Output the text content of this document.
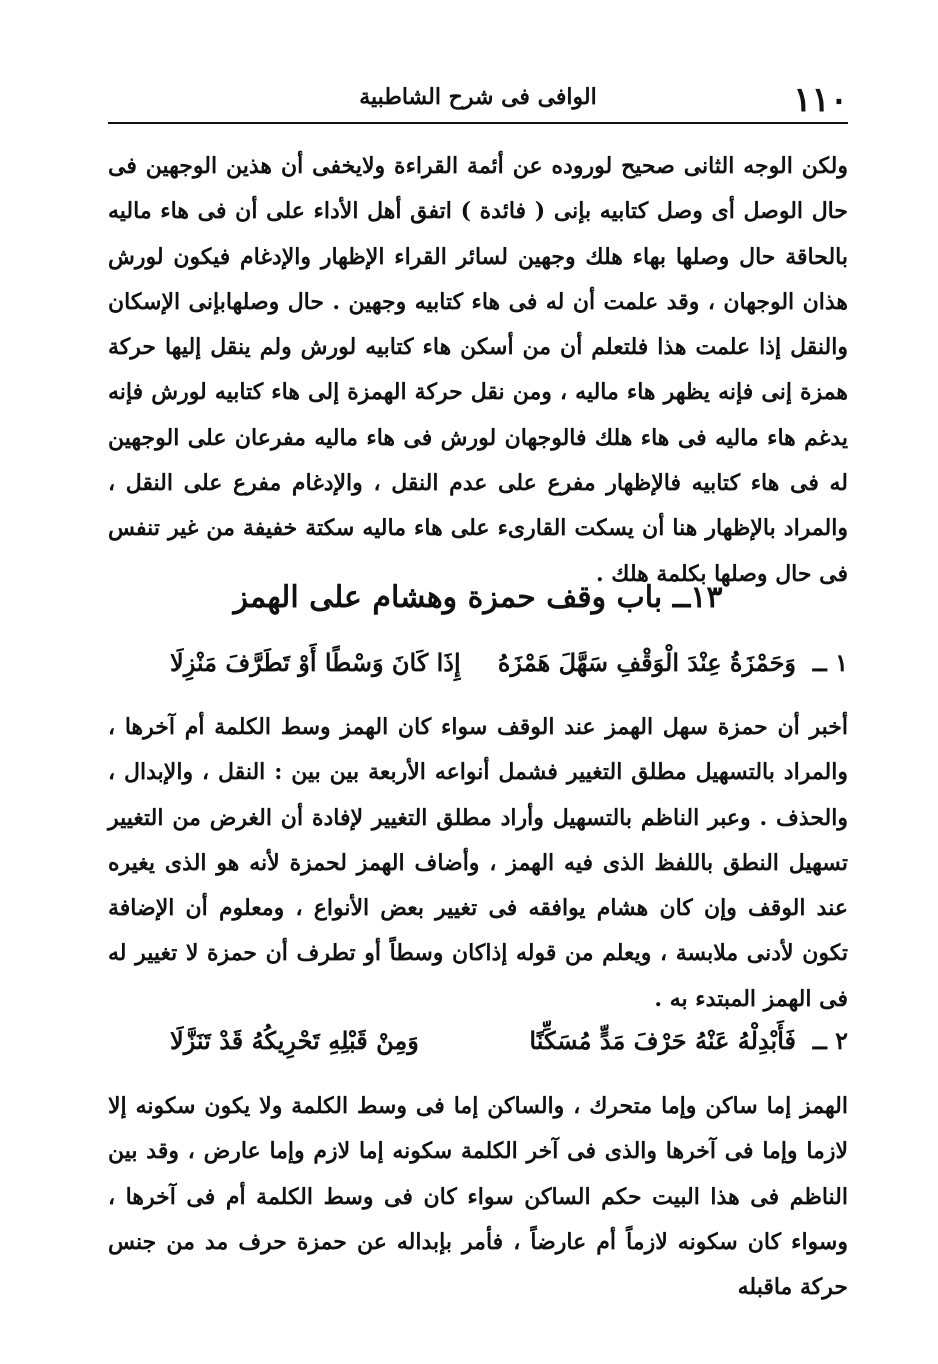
١١٠
الوافى فى شرح الشاطبية

ولكن الوجه الثانى صحيح لوروده عن أئمة القراءة ولايخفى أن هذين الوجهين فى حال الوصل أى وصل كتابيه بإنى ( فائدة ) اتفق أهل الأداء على أن فى هاء ماليه بالحاقة حال وصلها بهاء هلك وجهين لسائر القراء الإظهار والإدغام فيكون لورش هذان الوجهان ، وقد علمت أن له فى هاء كتابيه وجهين . حال وصلهابإنى الإسكان والنقل إذا علمت هذا فلتعلم أن من أسكن هاء كتابيه لورش ولم ينقل إليها حركة همزة إنى فإنه يظهر هاء ماليه ، ومن نقل حركة الهمزة إلى هاء كتابيه لورش فإنه يدغم هاء ماليه فى هاء هلك فالوجهان لورش فى هاء ماليه مفرعان على الوجهين له فى هاء كتابيه فالإظهار مفرع على عدم النقل ، والإدغام مفرع على النقل ، والمراد بالإظهار هنا أن يسكت القارىء على هاء ماليه سكتة خفيفة من غير تنفس فى حال وصلها بكلمة هلك .

١٣ــ باب وقف حمزة وهشام على الهمز
١ ــ
وَحَمْزَةُ عِنْدَ الْوَقْفِ سَهَّلَ هَمْزَهُ
إِذَا كَانَ وَسْطًا أَوْ تَطَرَّفَ مَنْزِلَا

أخبر أن حمزة سهل الهمز عند الوقف سواء كان الهمز وسط الكلمة أم آخرها ، والمراد بالتسهيل مطلق التغيير فشمل أنواعه الأربعة بين بين : النقل ، والإبدال ، والحذف . وعبر الناظم بالتسهيل وأراد مطلق التغيير لإفادة أن الغرض من التغيير تسهيل النطق باللفظ الذى فيه الهمز ، وأضاف الهمز لحمزة لأنه هو الذى يغيره عند الوقف وإن كان هشام يوافقه فى تغيير بعض الأنواع ، ومعلوم أن الإضافة تكون لأدنى ملابسة ، ويعلم من قوله إذاكان وسطاً أو تطرف أن حمزة لا تغيير له فى الهمز المبتدء به .

٢ ــ
فَأَبْدِلْهُ عَنْهُ حَرْفَ مَدٍّ مُسَكِّنًا
وَمِنْ قَبْلِهِ تَحْرِيكُهُ قَدْ تَنَزَّلَا

الهمز إما ساكن وإما متحرك ، والساكن إما فى وسط الكلمة ولا يكون سكونه إلا لازما وإما فى آخرها والذى فى آخر الكلمة سكونه إما لازم وإما عارض ، وقد بين الناظم فى هذا البيت حكم الساكن سواء كان فى وسط الكلمة أم فى آخرها ، وسواء كان سكونه لازماً أم عارضاً ، فأمر بإبداله عن حمزة حرف مد من جنس حركة ماقبله
